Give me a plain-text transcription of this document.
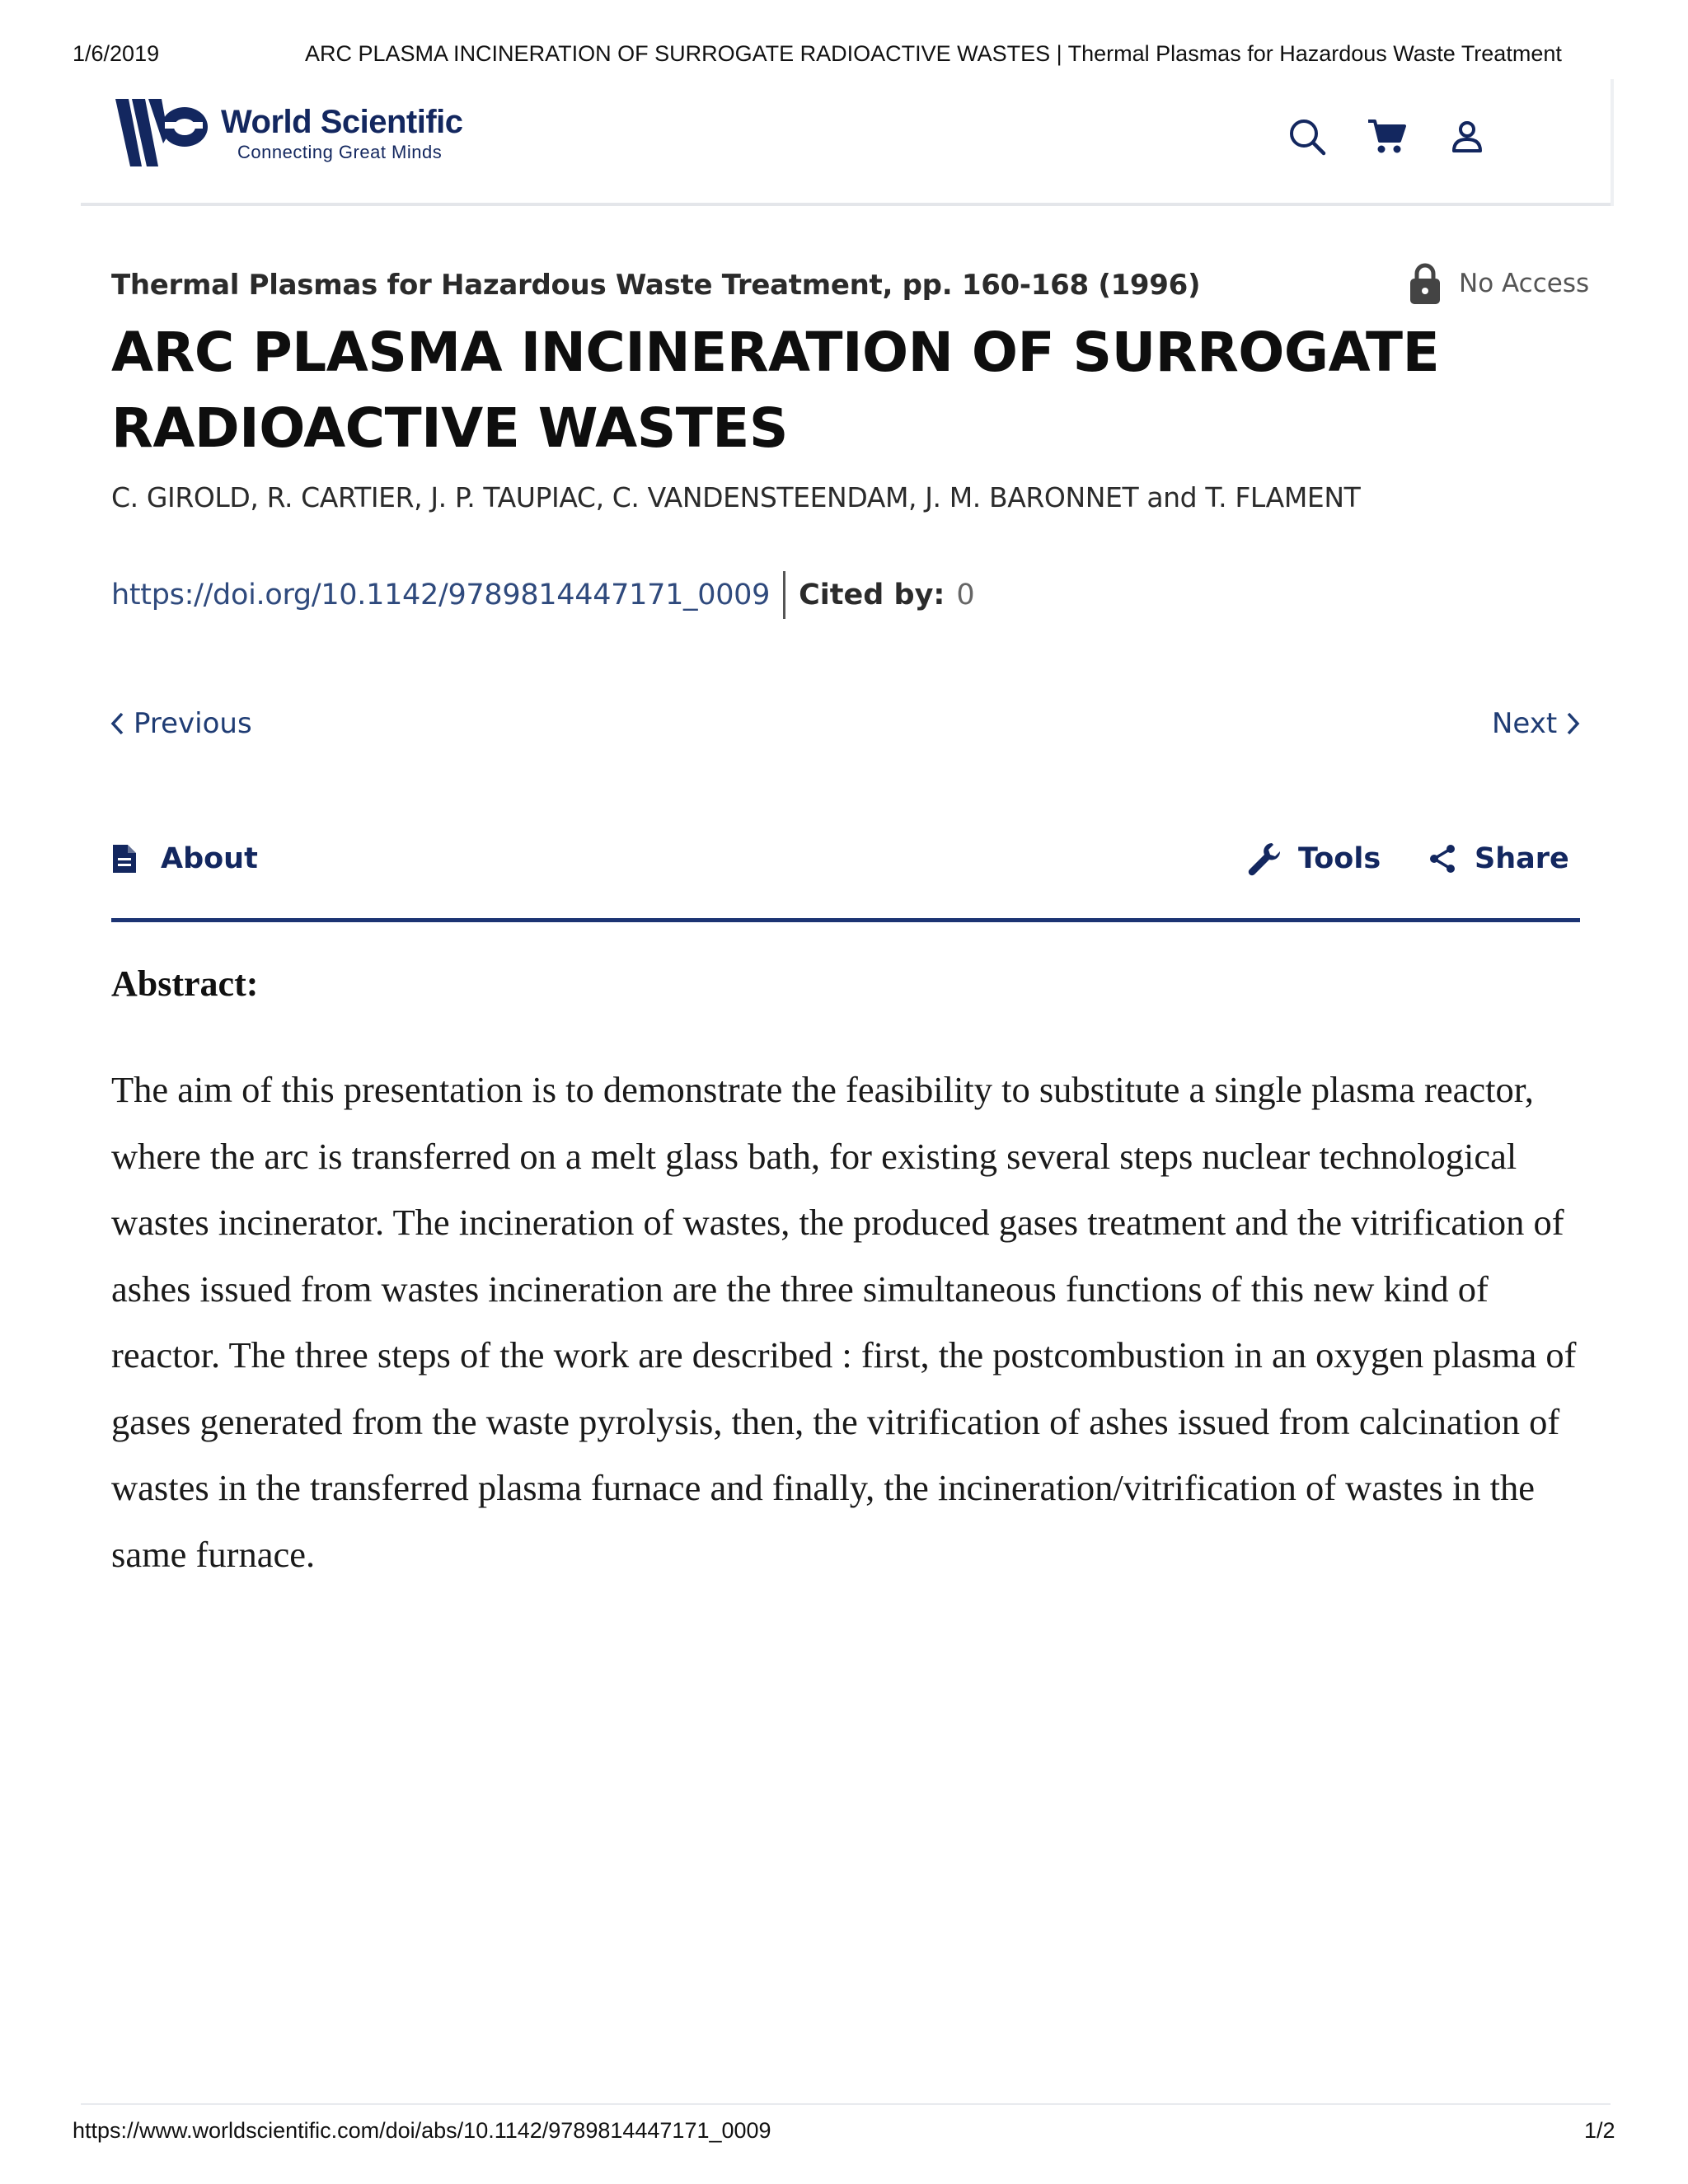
1/6/2019	ARC PLASMA INCINERATION OF SURROGATE RADIOACTIVE WASTES | Thermal Plasmas for Hazardous Waste Treatment
World Scientific
Connecting Great Minds
Thermal Plasmas for Hazardous Waste Treatment, pp. 160-168 (1996)	No Access
ARC PLASMA INCINERATION OF SURROGATE RADIOACTIVE WASTES
C. GIROLD, R. CARTIER, J. P. TAUPIAC, C. VANDENSTEENDAM, J. M. BARONNET and T. FLAMENT
https://doi.org/10.1142/9789814447171_0009 Cited by: 0
Previous	Next
About	Tools	Share
Abstract:

The aim of this presentation is to demonstrate the feasibility to substitute a single plasma reactor, where the arc is transferred on a melt glass bath, for existing several steps nuclear technological wastes incinerator. The incineration of wastes, the produced gases treatment and the vitrification of ashes issued from wastes incineration are the three simultaneous functions of this new kind of reactor. The three steps of the work are described : first, the postcombustion in an oxygen plasma of gases generated from the waste pyrolysis, then, the vitrification of ashes issued from calcination of wastes in the transferred plasma furnace and finally, the incineration/vitrification of wastes in the same furnace.

https://www.worldscientific.com/doi/abs/10.1142/9789814447171_0009	1/2
